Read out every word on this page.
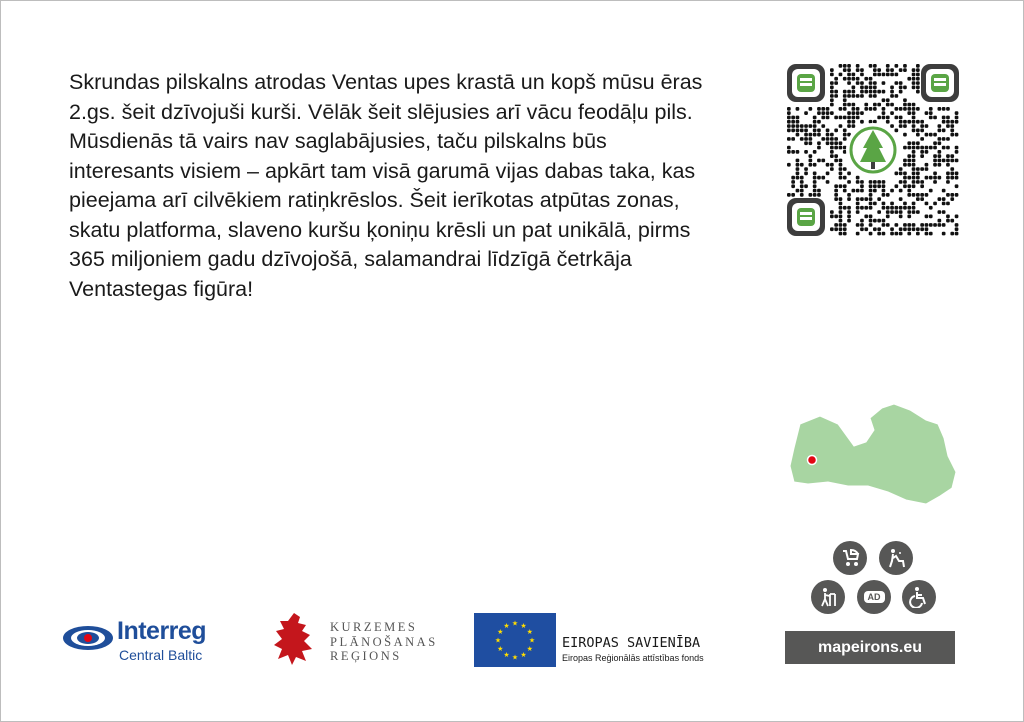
Skrundas pilskalns atrodas Ventas upes krastā un kopš mūsu ēras 2.gs. šeit dzīvojuši kurši. Vēlāk šeit slējusies arī vācu feodāļu pils. Mūsdienās tā vairs nav saglabājusies, taču pilskalns būs interesants visiem – apkārt tam visā garumā vijas dabas taka, kas pieejama arī cilvēkiem ratiņkrēslos. Šeit ierīkotas atpūtas zonas, skatu platforma, slaveno kuršu ķoniņu krēsli un pat unikālā, pirms 365 miljoniem gadu dzīvojošā, salamandrai līdzīgā četrkāja Ventastegas figūra!

AD
mapeirons.eu
Interreg
Central Baltic
KURZEMES
PLĀNOŠANAS
REĢIONS
★
★
★
★
★
★
★
★
★ ★ ★
★
EIROPAS SAVIENĪBA
Eiropas Reģionālās attīstības fonds
